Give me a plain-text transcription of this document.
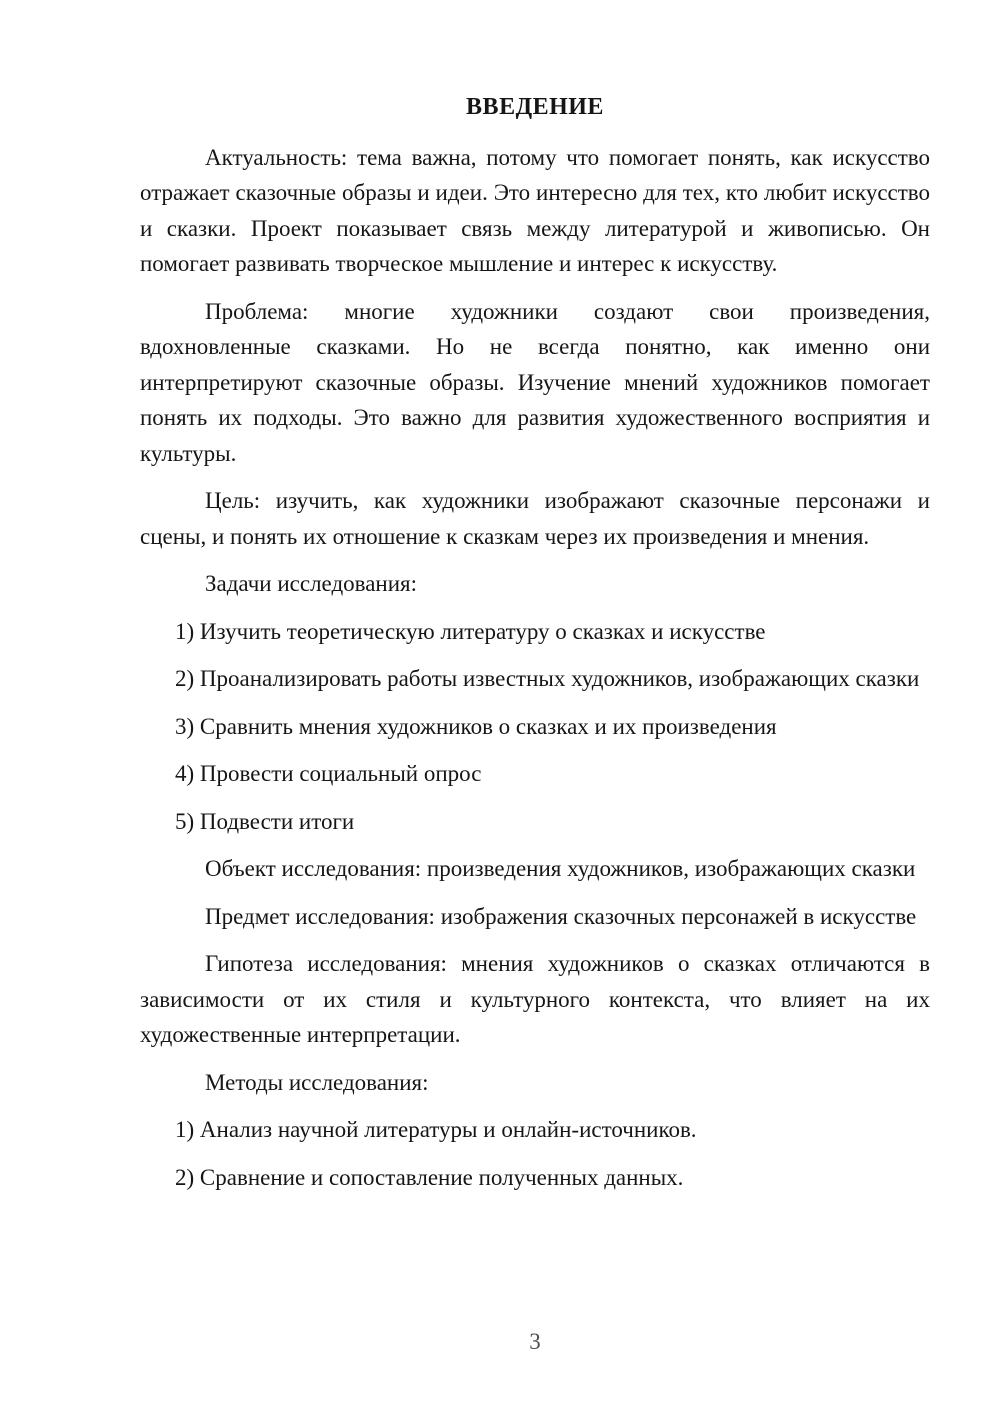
ВВЕДЕНИЕ

Актуальность: тема важна, потому что помогает понять, как искусство отражает сказочные образы и идеи. Это интересно для тех, кто любит искусство и сказки. Проект показывает связь между литературой и живописью. Он помогает развивать творческое мышление и интерес к искусству.

Проблема: многие художники создают свои произведения, вдохновленные сказками. Но не всегда понятно, как именно они интерпретируют сказочные образы. Изучение мнений художников помогает понять их подходы. Это важно для развития художественного восприятия и культуры.

Цель: изучить, как художники изображают сказочные персонажи и сцены, и понять их отношение к сказкам через их произведения и мнения.

Задачи исследования:

1) Изучить теоретическую литературу о сказках и искусстве

2) Проанализировать работы известных художников, изображающих сказки

3) Сравнить мнения художников о сказках и их произведения

4) Провести социальный опрос

5) Подвести итоги

Объект исследования: произведения художников, изображающих сказки

Предмет исследования: изображения сказочных персонажей в искусстве

Гипотеза исследования: мнения художников о сказках отличаются в зависимости от их стиля и культурного контекста, что влияет на их художественные интерпретации.

Методы исследования:

1) Анализ научной литературы и онлайн-источников.

2) Сравнение и сопоставление полученных данных.

3
